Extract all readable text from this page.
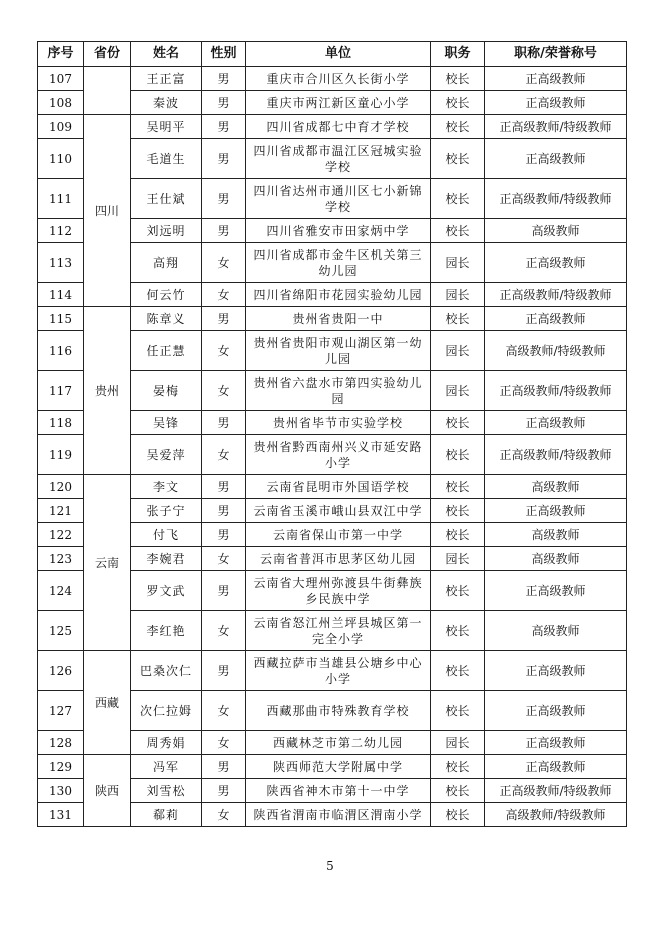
序号	省份	姓名	性别	单位	职务	职称/荣誉称号
107		王正富	男	重庆市合川区久长街小学	校长	正高级教师
108		秦波	男	重庆市两江新区童心小学	校长	正高级教师
109	四川	吴明平	男	四川省成都七中育才学校	校长	正高级教师/特级教师
110		毛道生	男	四川省成都市温江区冠城实验学校	校长	正高级教师
111		王仕斌	男	四川省达州市通川区七小新锦学校	校长	正高级教师/特级教师
112		刘远明	男	四川省雅安市田家炳中学	校长	高级教师
113		高翔	女	四川省成都市金牛区机关第三幼儿园	园长	正高级教师
114		何云竹	女	四川省绵阳市花园实验幼儿园	园长	正高级教师/特级教师
115	贵州	陈章义	男	贵州省贵阳一中	校长	正高级教师
116		任正慧	女	贵州省贵阳市观山湖区第一幼儿园	园长	高级教师/特级教师
117		晏梅	女	贵州省六盘水市第四实验幼儿园	园长	正高级教师/特级教师
118		吴锋	男	贵州省毕节市实验学校	校长	正高级教师
119		吴爱萍	女	贵州省黔西南州兴义市延安路小学	校长	正高级教师/特级教师
120	云南	李文	男	云南省昆明市外国语学校	校长	高级教师
121		张子宁	男	云南省玉溪市峨山县双江中学	校长	正高级教师
122		付飞	男	云南省保山市第一中学	校长	高级教师
123		李婉君	女	云南省普洱市思茅区幼儿园	园长	高级教师
124		罗文武	男	云南省大理州弥渡县牛街彝族乡民族中学	校长	正高级教师
125		李红艳	女	云南省怒江州兰坪县城区第一完全小学	校长	高级教师
126	西藏	巴桑次仁	男	西藏拉萨市当雄县公塘乡中心小学	校长	正高级教师
127		次仁拉姆	女	西藏那曲市特殊教育学校	校长	正高级教师
128		周秀娟	女	西藏林芝市第二幼儿园	园长	正高级教师
129	陕西	冯军	男	陕西师范大学附属中学	校长	正高级教师
130		刘雪松	男	陕西省神木市第十一中学	校长	正高级教师/特级教师
131		郗莉	女	陕西省渭南市临渭区渭南小学	校长	高级教师/特级教师
5
